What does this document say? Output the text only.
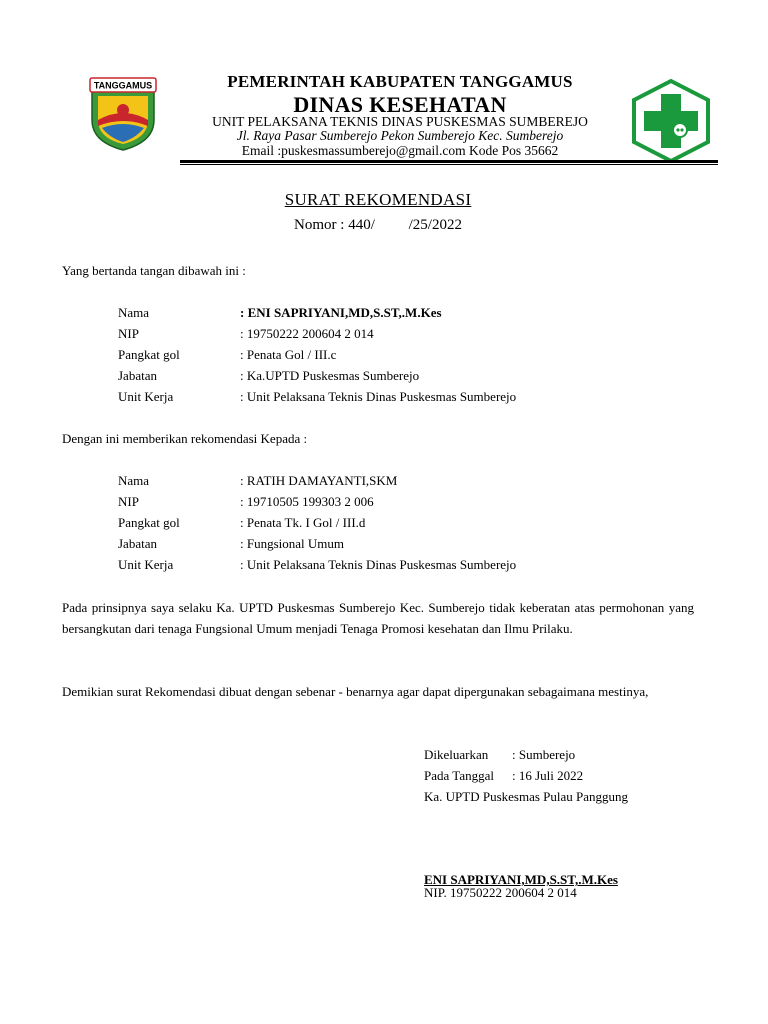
TANGGAMUS	PEMERINTAH KABUPATEN TANGGAMUS
DINAS KESEHATAN
UNIT PELAKSANA TEKNIS DINAS PUSKESMAS SUMBEREJO
Jl. Raya Pasar Sumberejo Pekon Sumberejo Kec. Sumberejo
Email :puskesmassumberejo@gmail.com Kode Pos 35662
SURAT REKOMENDASI
Nomor : 440/         /25/2022
Yang bertanda tangan dibawah ini :
Nama	: ENI SAPRIYANI,MD,S.ST,.M.Kes
NIP	: 19750222 200604 2 014
Pangkat gol	: Penata Gol / III.c
Jabatan	: Ka.UPTD Puskesmas Sumberejo
Unit Kerja	: Unit Pelaksana Teknis Dinas Puskesmas Sumberejo
Dengan ini memberikan rekomendasi Kepada :
Nama	: RATIH DAMAYANTI,SKM
NIP	: 19710505 199303 2 006
Pangkat gol	: Penata Tk. I Gol / III.d
Jabatan	: Fungsional Umum
Unit Kerja	: Unit Pelaksana Teknis Dinas Puskesmas Sumberejo
Pada prinsipnya saya selaku Ka. UPTD Puskesmas Sumberejo Kec. Sumberejo tidak keberatan atas permohonan yang bersangkutan dari tenaga Fungsional Umum menjadi Tenaga Promosi kesehatan dan Ilmu Prilaku.
Demikian surat Rekomendasi dibuat dengan sebenar - benarnya agar dapat dipergunakan sebagaimana mestinya,
Dikeluarkan : Sumberejo
Pada Tanggal : 16 Juli 2022
Ka. UPTD Puskesmas Pulau Panggung
ENI SAPRIYANI,MD,S.ST,.M.Kes
NIP. 19750222 200604 2 014
